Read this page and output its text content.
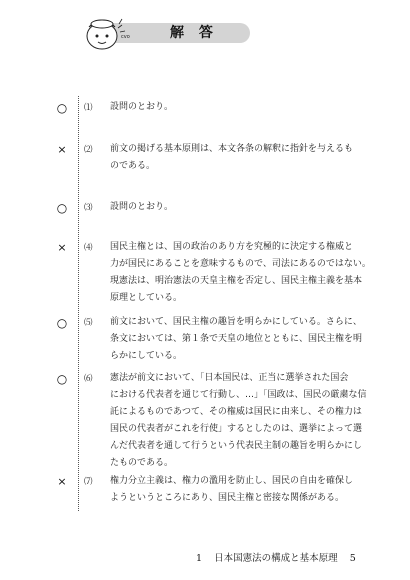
cvo	解 答
○ ⑴ 設問のとおり。
× ⑵ 前文の掲げる基本原則は、本文各条の解釈に指針を与えるも
のである。
○ ⑶ 設問のとおり。
× ⑷ 国民主権とは、国の政治のあり方を究極的に決定する権威と
力が国民にあることを意味するもので、司法にあるのではない。
現憲法は、明治憲法の天皇主権を否定し、国民主権主義を基本
原理としている。
○ ⑸ 前文において、国民主権の趣旨を明らかにしている。さらに、
条文においては、第１条で天皇の地位とともに、国民主権を明
らかにしている。
○ ⑹ 憲法が前文において、「日本国民は、正当に選挙された国会
における代表者を通じて行動し、…」「国政は、国民の厳粛な信
託によるものであつて、その権威は国民に由来し、その権力は
国民の代表者がこれを行使」するとしたのは、選挙によって選
んだ代表者を通して行うという代表民主制の趣旨を明らかにし
たものである。
× ⑺ 権力分立主義は、権力の濫用を防止し、国民の自由を確保し
ようというところにあり、国民主権と密接な関係がある。
1 日本国憲法の構成と基本原理 5
